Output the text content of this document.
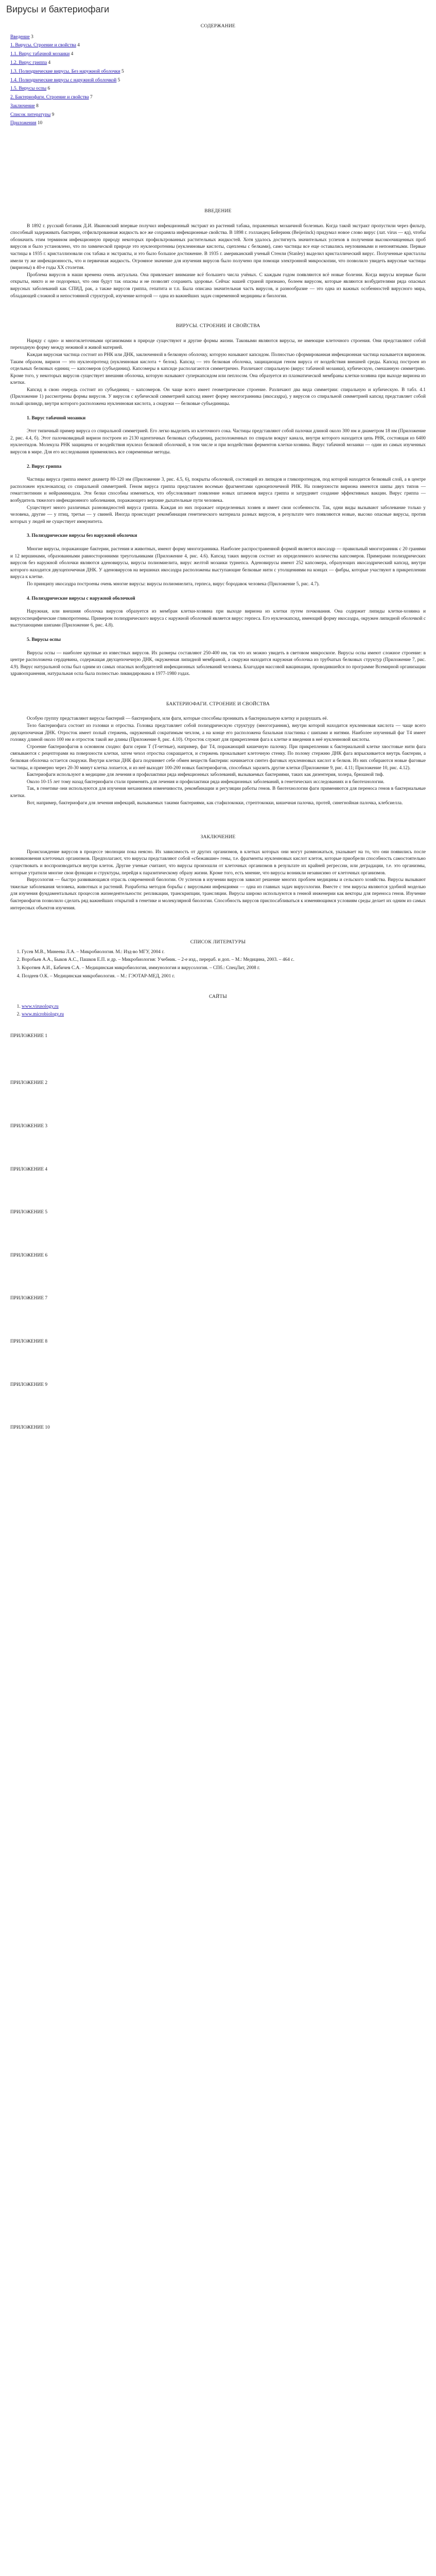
Вирусы и бактериофаги

СОДЕРЖАНИЕ

Введение 3
1. Вирусы. Строение и свойства 4
1.1. Вирус табачной мозаики 4
1.2. Вирус гриппа 4
1.3. Полиэдрические вирусы. Без наружной оболочки 5
1.4. Полиэдрические вирусы с наружной оболочкой 5
1.5. Вирусы оспы 6
2. Бактериофаги. Строение и свойства 7
Заключение 8
Список литературы 9
Приложения 10

ВВЕДЕНИЕ

В 1892 г. русский ботаник Д.И. Ивановский впервые получил инфекционный экстракт из растений табака, пораженных мозаичной болезнью. Когда такой экстракт пропустили через фильтр, способный задерживать бактерии, отфильтрованная жидкость все же сохраняла инфекционные свойства. В 1898 г. голландец Бейеринк (Beijerinck) придумал новое слово вирус (лат. virus — яд), чтобы обозначить этим термином инфекционную природу некоторых профильтрованных растительных жидкостей. Хотя удалось достигнуть значительных успехов в получении высокоочищенных проб вирусов и было установлено, что по химической природе это нуклеопротеины (нуклеиновые кислоты, сцеплены с белками), само частицы все еще оставались неуловимыми и непонятными. Первые частицы в 1935 г. кристаллизовали сок табака и экстракты, и это было большое достижение. В 1935 г. американский ученый Стенли (Stanley) выделил кристаллический вирус. Полученные кристаллы имели ту же инфекционность, что и первичная жидкость. Огромное значение для изучения вирусов было получено при помощи электронной микроскопии, что позволило увидеть вирусные частицы (вирионы) в 40-е годы XX столетия.

Проблема вирусов в наши времена очень актуальна. Она привлекает внимание всё большего числа учёных. С каждым годом появляются всё новые болезни. Когда вирусы впервые были открыты, никто и не подозревал, что они будут так опасны и не позволят сохранить здоровье. Сейчас нашей страной признано, болеем вирусом, которые являются возбудителями ряда опасных вирусных заболеваний как СПИД, рак, а также вирусов гриппа, гепатита и т.п. Была описана значительная часть вирусов, и разнообразие — это одна из важных особенностей вирусного мира, обладающей сложной и непостоянной структурой, изучение которой — одна из важнейших задач современной медицины и биологии.

ВИРУСЫ. СТРОЕНИЕ И СВОЙСТВА

Наряду с одно- и многоклеточными организмами в природе существуют и другие формы жизни. Таковыми являются вирусы, не имеющие клеточного строения. Они представляют собой переходную форму между неживой и живой материей.

Каждая вирусная частица состоит из РНК или ДНК, заключенной в белковую оболочку, которую называют капсидом. Полностью сформированная инфекционная частица называется вирионом. Таким образом, вирион — это нуклеопротеид (нуклеиновая кислота + белок). Капсид — это белковая оболочка, защищающая геном вируса от воздействия внешней среды. Капсид построен из отдельных белковых единиц — капсомеров (субъединиц). Капсомеры в капсиде располагаются симметрично. Различают спиральную (вирус табачной мозаики), кубическую, смешанную симметрию. Кроме того, у некоторых вирусов существует внешняя оболочка, которую называют суперкапсидом или пеплосом. Она образуется из плазматической мембраны клетки-хозяина при выходе вириона из клетки.

Капсид в свою очередь состоит из субъединиц – капсомеров. Он чаще всего имеет геометрическое строение. Различают два вида симметрии: спиральную и кубическую. В табл. 4.1 (Приложение 1) рассмотрены формы вирусов. У вирусов с кубической симметрией капсид имеет форму многогранника (икосаэдра), у вирусов со спиральной симметрией капсид представляет собой полый цилиндр, внутри которого расположена нуклеиновая кислота, а снаружи — белковые субъединицы.

1. Вирус табачной мозаики

Этот типичный пример вируса со спиральной симметрией. Его легко выделить из клеточного сока. Частицы представляют собой палочки длиной около 300 нм и диаметром 18 нм (Приложение 2, рис. 4.4, б). Этот палочковидный вирион построен из 2130 идентичных белковых субъединиц, расположенных по спирали вокруг канала, внутри которого находится цепь РНК, состоящая из 6400 нуклеотидов. Молекула РНК защищена от воздействия нуклеаз белковой оболочкой, в том числе и при воздействии ферментов клетки-хозяина. Вирус табачной мозаики — один из самых изученных вирусов в мире. Для его исследования применялись все современные методы.

2. Вирус гриппа

Частицы вируса гриппа имеют диаметр 80-120 нм (Приложение 3, рис. 4.5, 6), покрыты оболочкой, состоящей из липидов и гликопротеидов, под которой находится белковый слой, а в центре расположен нуклеокапсид со спиральной симметрией. Геном вируса гриппа представлен восемью фрагментами одноцепочечной РНК. На поверхности вириона имеются шипы двух типов — гемагглютинин и нейраминидаза. Эти белки способны изменяться, что обусловливает появление новых штаммов вируса гриппа и затрудняет создание эффективных вакцин. Вирус гриппа — возбудитель тяжелого инфекционного заболевания, поражающего верхние дыхательные пути человека.

Существует много различных разновидностей вируса гриппа. Каждая из них поражает определенных хозяев и имеет свои особенности. Так, одни виды вызывают заболевание только у человека, другие — у птиц, третьи — у свиней. Иногда происходит рекомбинация генетического материала разных вирусов, в результате чего появляются новые, высоко опасные вирусы, против которых у людей не существует иммунитета.

3. Полиэдрические вирусы без наружной оболочки

Многие вирусы, поражающие бактерии, растения и животных, имеют форму многогранника. Наиболее распространенной формой является икосаэдр — правильный многогранник с 20 гранями и 12 вершинами, образованными равносторонними треугольниками (Приложение 4, рис. 4.6). Капсид таких вирусов состоит из определенного количества капсомеров. Примерами полиэдрических вирусов без наружной оболочки являются аденовирусы, вирусы полиомиелита, вирус желтой мозаики турнепса. Аденовирусы имеют 252 капсомера, образующих икосаэдрический капсид, внутри которого находится двухцепочечная ДНК. У аденовирусов на вершинах икосаэдра расположены выступающие белковые нити с утолщениями на концах — фибры, которые участвуют в прикреплении вируса к клетке.

По принципу икосаэдра построены очень многие вирусы: вирусы полиомиелита, герпеса, вирус бородавок человека (Приложение 5, рис. 4.7).

4. Полиэдрические вирусы с наружной оболочкой

Наружная, или внешняя оболочка вирусов образуется из мембран клетки-хозяина при выходе вириона из клетки путем почкования. Она содержит липиды клетки-хозяина и вирусоспецифические гликопротеины. Примером полиэдрического вируса с наружной оболочкой является вирус герпеса. Его нуклеокапсид, имеющий форму икосаэдра, окружен липидной оболочкой с выступающими шипами (Приложение 6, рис. 4.8).

5. Вирусы оспы

Вирусы оспы — наиболее крупные из известных вирусов. Их размеры составляют 250-400 нм, так что их можно увидеть в световом микроскопе. Вирусы оспы имеют сложное строение: в центре расположена сердцевина, содержащая двухцепочечную ДНК, окруженная липидной мембраной, а снаружи находится наружная оболочка из трубчатых белковых структур (Приложение 7, рис. 4.9). Вирус натуральной оспы был одним из самых опасных возбудителей инфекционных заболеваний человека. Благодаря массовой вакцинации, проводившейся по программе Всемирной организации здравоохранения, натуральная оспа была полностью ликвидирована в 1977-1980 годах.

БАКТЕРИОФАГИ. СТРОЕНИЕ И СВОЙСТВА

Особую группу представляют вирусы бактерий — бактериофаги, или фаги, которые способны проникать в бактериальную клетку и разрушать её.

Тело бактериофага состоит из головки и отростка. Головка представляет собой полиэдрическую структуру (многогранник), внутри которой находится нуклеиновая кислота — чаще всего двухцепочечная ДНК. Отросток имеет полый стержень, окруженный сократимым чехлом, а на конце его расположена базальная пластинка с шипами и нитями. Наиболее изученный фаг T4 имеет головку длиной около 100 нм и отросток такой же длины (Приложение 8, рис. 4.10). Отросток служит для прикрепления фага к клетке и введения в неё нуклеиновой кислоты.

Строение бактериофагов в основном сходно: фаги серии T (T-четные), например, фаг T4, поражающий кишечную палочку. При прикреплении к бактериальной клетке хвостовые нити фага связываются с рецепторами на поверхности клетки, затем чехол отростка сокращается, и стержень прокалывает клеточную стенку. По полому стержню ДНК фага впрыскивается внутрь бактерии, а белковая оболочка остается снаружи. Внутри клетки ДНК фага подчиняет себе обмен веществ бактерии: начинается синтез фаговых нуклеиновых кислот и белков. Из них собираются новые фаговые частицы, и примерно через 20-30 минут клетка лопается, и из неё выходят 100-200 новых бактериофагов, способных заразить другие клетки (Приложение 9, рис. 4.11; Приложение 10, рис. 4.12).

Бактериофаги используют в медицине для лечения и профилактики ряда инфекционных заболеваний, вызываемых бактериями, таких как дизентерия, холера, брюшной тиф.

Около 10-15 лет тому назад бактериофаги стали применять для лечения и профилактики ряда инфекционных заболеваний, в генетических исследованиях и в биотехнологии.

Так, в генетике они используются для изучения механизмов изменчивости, рекомбинации и регуляции работы генов. В биотехнологии фаги применяются для переноса генов в бактериальные клетки.

Вот, например, бактериофаги для лечения инфекций, вызываемых такими бактериями, как стафилококки, стрептококки, кишечная палочка, протей, синегнойная палочка, клебсиелла.

ЗАКЛЮЧЕНИЕ

Происхождение вирусов в процессе эволюции пока неясно. Их зависимость от других организмов, в клетках которых они могут размножаться, указывает на то, что они появились после возникновения клеточных организмов. Предполагают, что вирусы представляют собой «сбежавшие» гены, т.е. фрагменты нуклеиновых кислот клеток, которые приобрели способность самостоятельно существовать и воспроизводиться внутри клеток. Другие ученые считают, что вирусы произошли от клеточных организмов в результате их крайней регрессии, или деградации, т.е. это организмы, которые утратили многие свои функции и структуры, перейдя к паразитическому образу жизни. Кроме того, есть мнение, что вирусы возникли независимо от клеточных организмов.

Вирусология — быстро развивающаяся отрасль современной биологии. От успехов в изучении вирусов зависит решение многих проблем медицины и сельского хозяйства. Вирусы вызывают тяжелые заболевания человека, животных и растений. Разработка методов борьбы с вирусными инфекциями — одна из главных задач вирусологии. Вместе с тем вирусы являются удобной моделью для изучения фундаментальных процессов жизнедеятельности: репликации, транскрипции, трансляции. Вирусы широко используются в генной инженерии как векторы для переноса генов. Изучение бактериофагов позволило сделать ряд важнейших открытий в генетике и молекулярной биологии. Способность вирусов приспосабливаться к изменяющимся условиям среды делает их одним из самых интересных объектов изучения.

СПИСОК ЛИТЕРАТУРЫ

1. Гусев М.В., Минеева Л.А. – Микробиология. М.: Изд-во МГУ, 2004 г.
2. Воробьев А.А., Быков А.С., Пашков Е.П. и др. – Микробиология: Учебник. – 2-е изд., перераб. и доп. – М.: Медицина, 2003. – 464 с.
3. Коротяев А.И., Бабичев С.А. – Медицинская микробиология, иммунология и вирусология. – СПб.: СпецЛит, 2008 г.
4. Поздеев О.К. – Медицинская микробиология. – М.: ГЭОТАР-МЕД, 2001 г.

САЙТЫ

1. www.virusology.ru
2. www.microbiology.ru

ПРИЛОЖЕНИЕ 1

ПРИЛОЖЕНИЕ 2

ПРИЛОЖЕНИЕ 3

ПРИЛОЖЕНИЕ 4

ПРИЛОЖЕНИЕ 5

ПРИЛОЖЕНИЕ 6

ПРИЛОЖЕНИЕ 7

ПРИЛОЖЕНИЕ 8

ПРИЛОЖЕНИЕ 9

ПРИЛОЖЕНИЕ 10
